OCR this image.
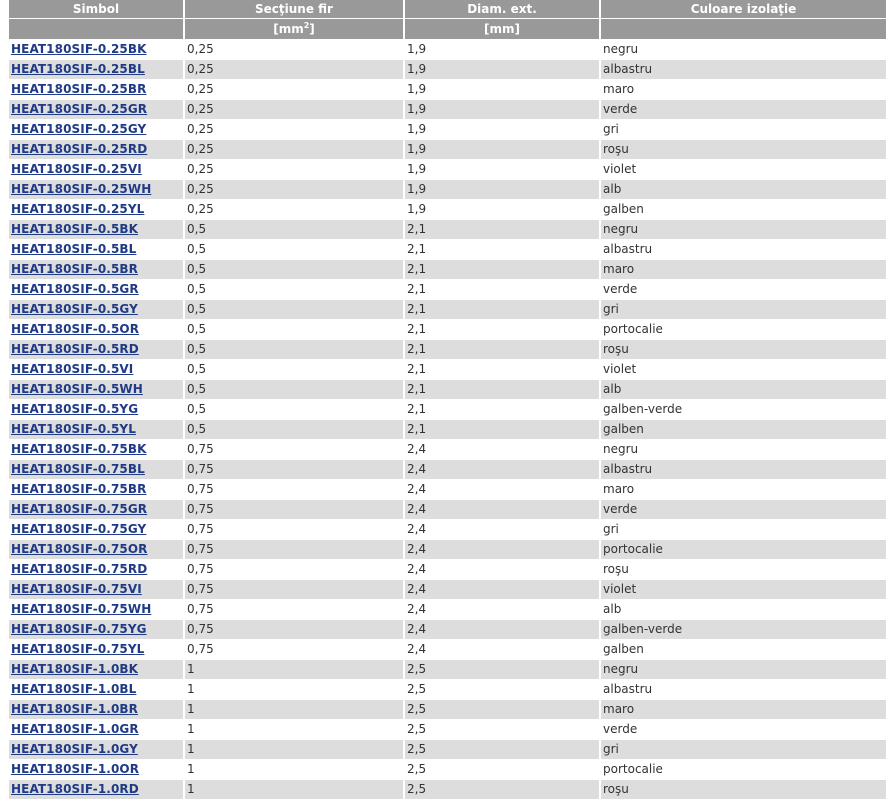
Simbol	Secţiune fir	Diam. ext.	Culoare izolaţie
	$[mm^2]$	[mm]	
HEAT180SIF-0.25BK	0,25	1,9	negru
HEAT180SIF-0.25BL	0,25	1,9	albastru
HEAT180SIF-0.25BR	0,25	1,9	maro
HEAT180SIF-0.25GR	0,25	1,9	verde
HEAT180SIF-0.25GY	0,25	1,9	gri
HEAT180SIF-0.25RD	0,25	1,9	roşu
HEAT180SIF-0.25VI	0,25	1,9	violet
HEAT180SIF-0.25WH	0,25	1,9	alb
HEAT180SIF-0.25YL	0,25	1,9	galben
HEAT180SIF-0.5BK	0,5	2,1	negru
HEAT180SIF-0.5BL	0,5	2,1	albastru
HEAT180SIF-0.5BR	0,5	2,1	maro
HEAT180SIF-0.5GR	0,5	2,1	verde
HEAT180SIF-0.5GY	0,5	2,1	gri
HEAT180SIF-0.5OR	0,5	2,1	portocalie
HEAT180SIF-0.5RD	0,5	2,1	roşu
HEAT180SIF-0.5VI	0,5	2,1	violet
HEAT180SIF-0.5WH	0,5	2,1	alb
HEAT180SIF-0.5YG	0,5	2,1	galben-verde
HEAT180SIF-0.5YL	0,5	2,1	galben
HEAT180SIF-0.75BK	0,75	2,4	negru
HEAT180SIF-0.75BL	0,75	2,4	albastru
HEAT180SIF-0.75BR	0,75	2,4	maro
HEAT180SIF-0.75GR	0,75	2,4	verde
HEAT180SIF-0.75GY	0,75	2,4	gri
HEAT180SIF-0.75OR	0,75	2,4	portocalie
HEAT180SIF-0.75RD	0,75	2,4	roşu
HEAT180SIF-0.75VI	0,75	2,4	violet
HEAT180SIF-0.75WH	0,75	2,4	alb
HEAT180SIF-0.75YG	0,75	2,4	galben-verde
HEAT180SIF-0.75YL	0,75	2,4	galben
HEAT180SIF-1.0BK	1	2,5	negru
HEAT180SIF-1.0BL	1	2,5	albastru
HEAT180SIF-1.0BR	1	2,5	maro
HEAT180SIF-1.0GR	1	2,5	verde
HEAT180SIF-1.0GY	1	2,5	gri
HEAT180SIF-1.0OR	1	2,5	portocalie
HEAT180SIF-1.0RD	1	2,5	roşu
